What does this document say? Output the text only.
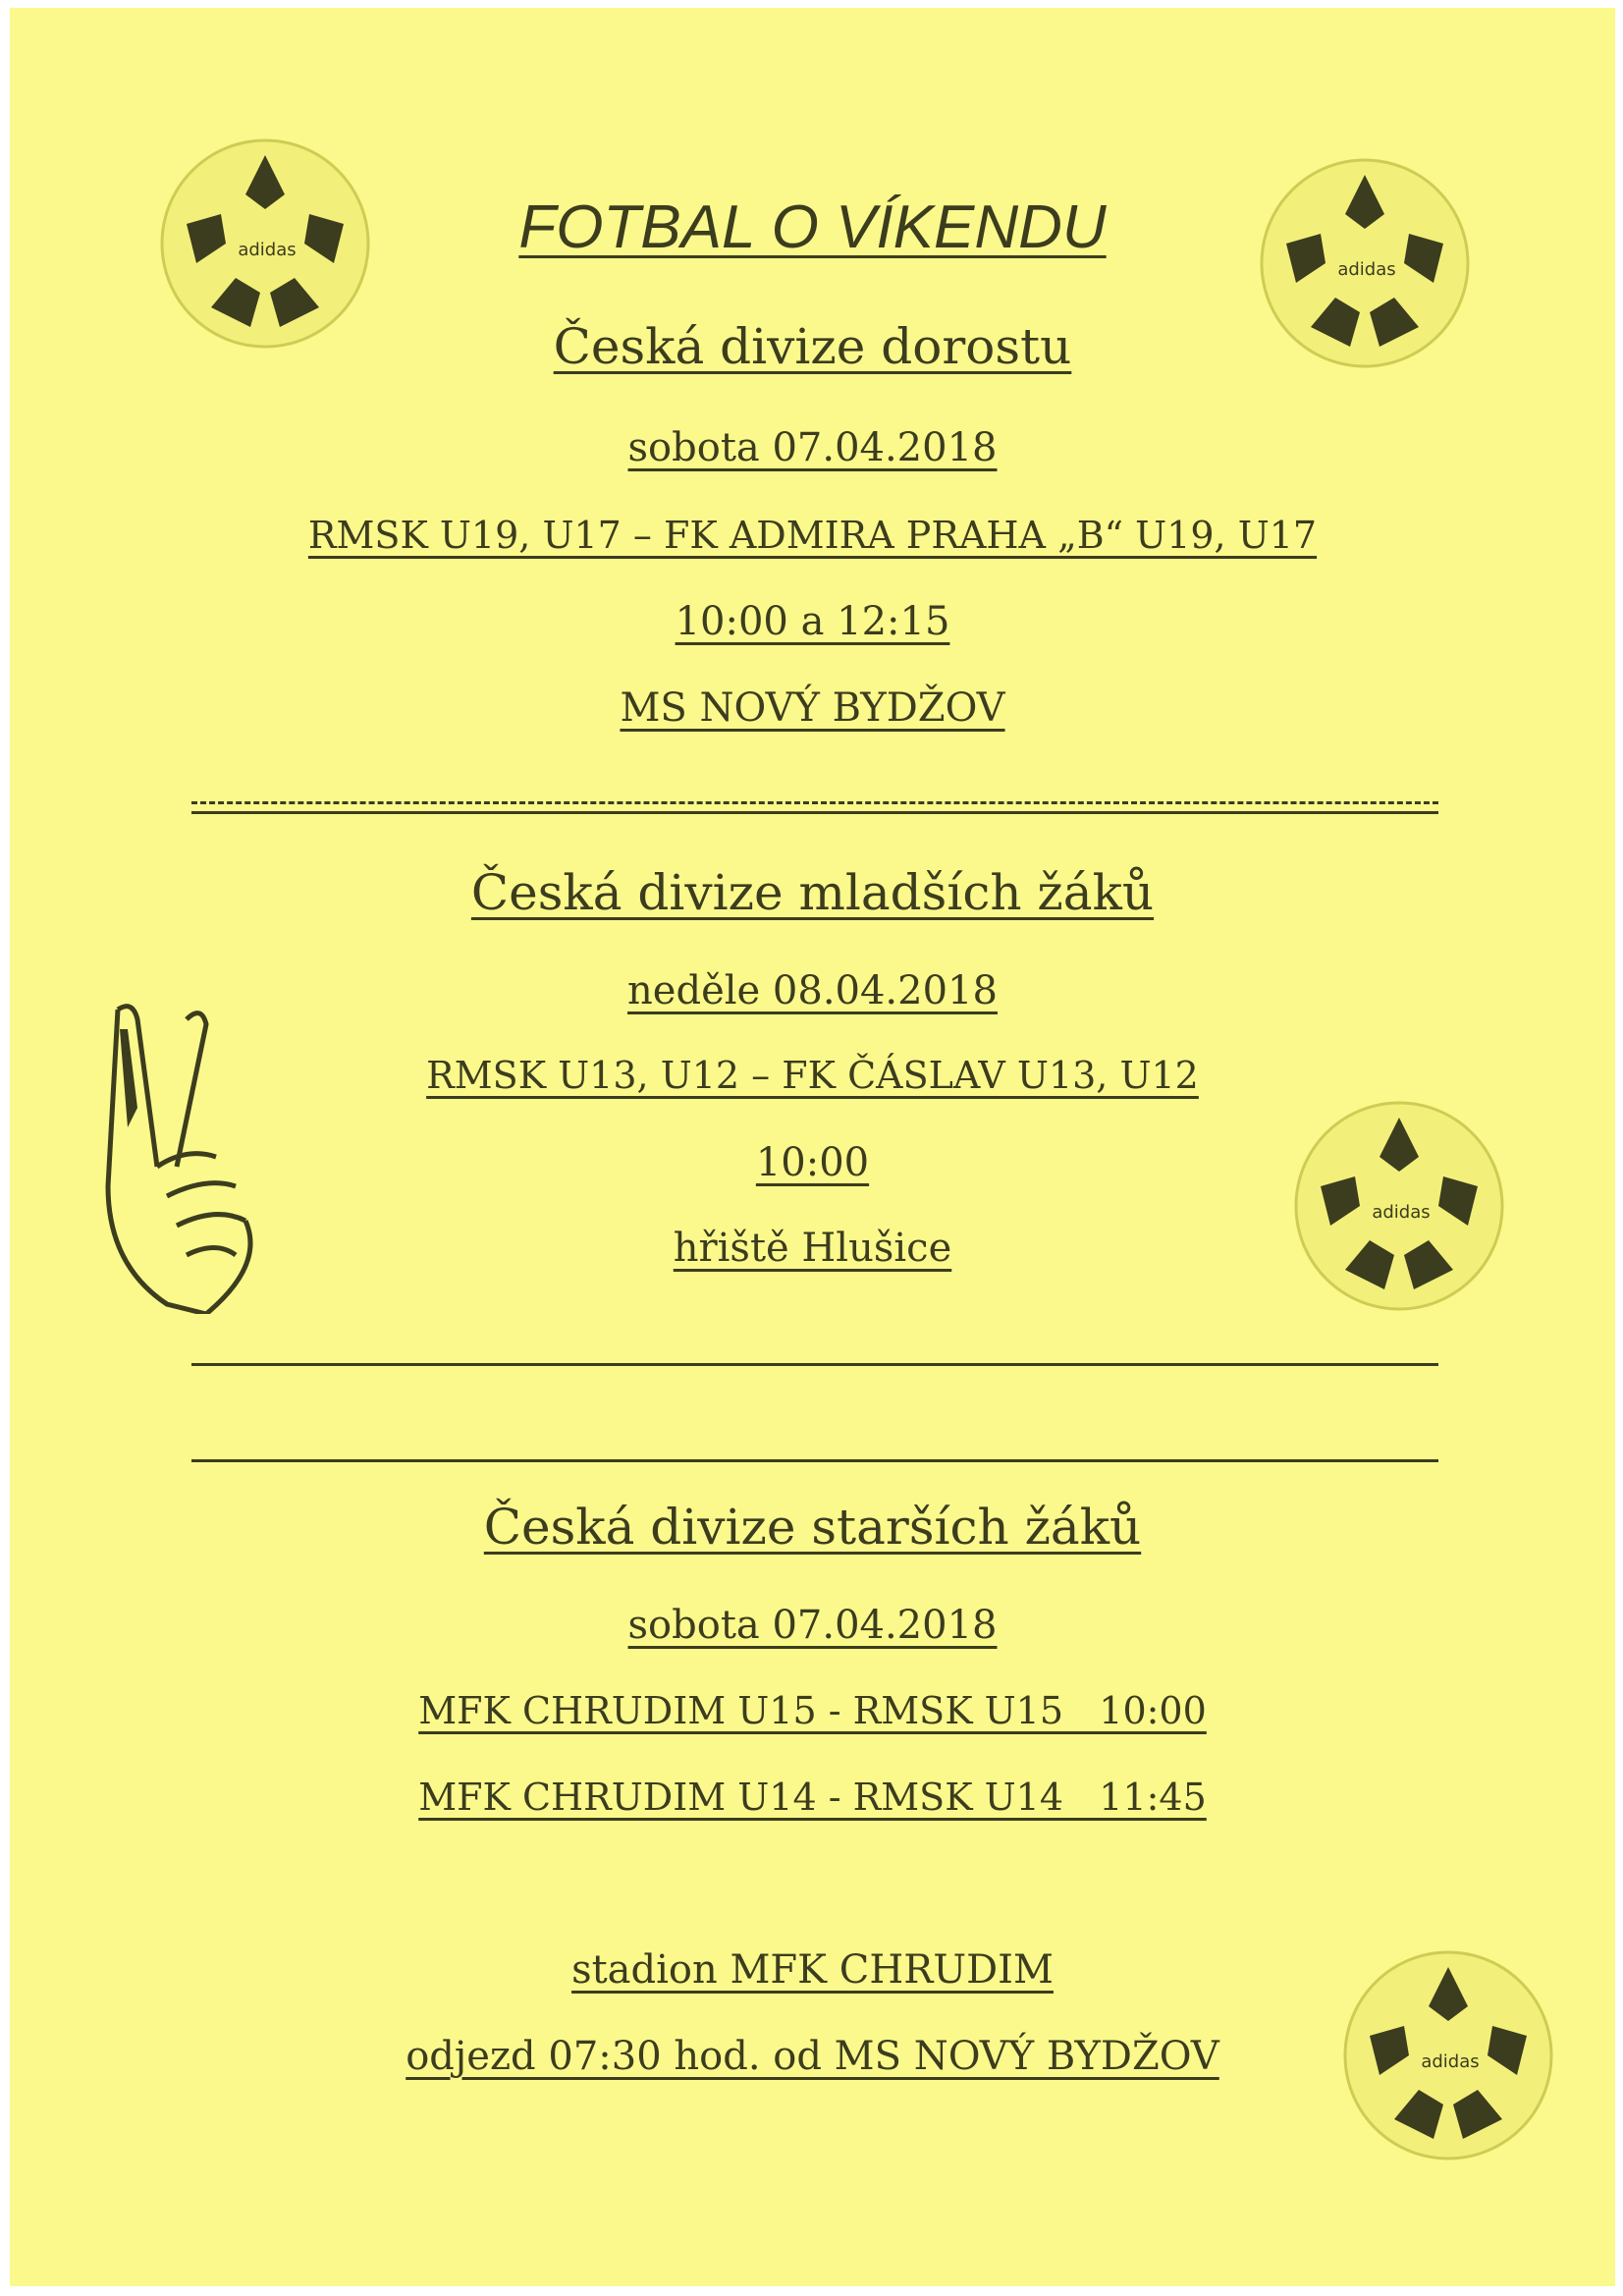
adidas
adidas
adidas
adidas
FOTBAL O VÍKENDU
Česká divize dorostu
sobota 07.04.2018
RMSK U19, U17 – FK ADMIRA PRAHA „B“ U19, U17
10:00 a 12:15
MS NOVÝ BYDŽOV
Česká divize mladších žáků
neděle 08.04.2018
RMSK U13, U12 – FK ČÁSLAV U13, U12
10:00
hřiště Hlušice
Česká divize starších žáků
sobota 07.04.2018
MFK CHRUDIM U15 - RMSK U15   10:00
MFK CHRUDIM U14 - RMSK U14   11:45
stadion MFK CHRUDIM
odjezd 07:30 hod. od MS NOVÝ BYDŽOV
